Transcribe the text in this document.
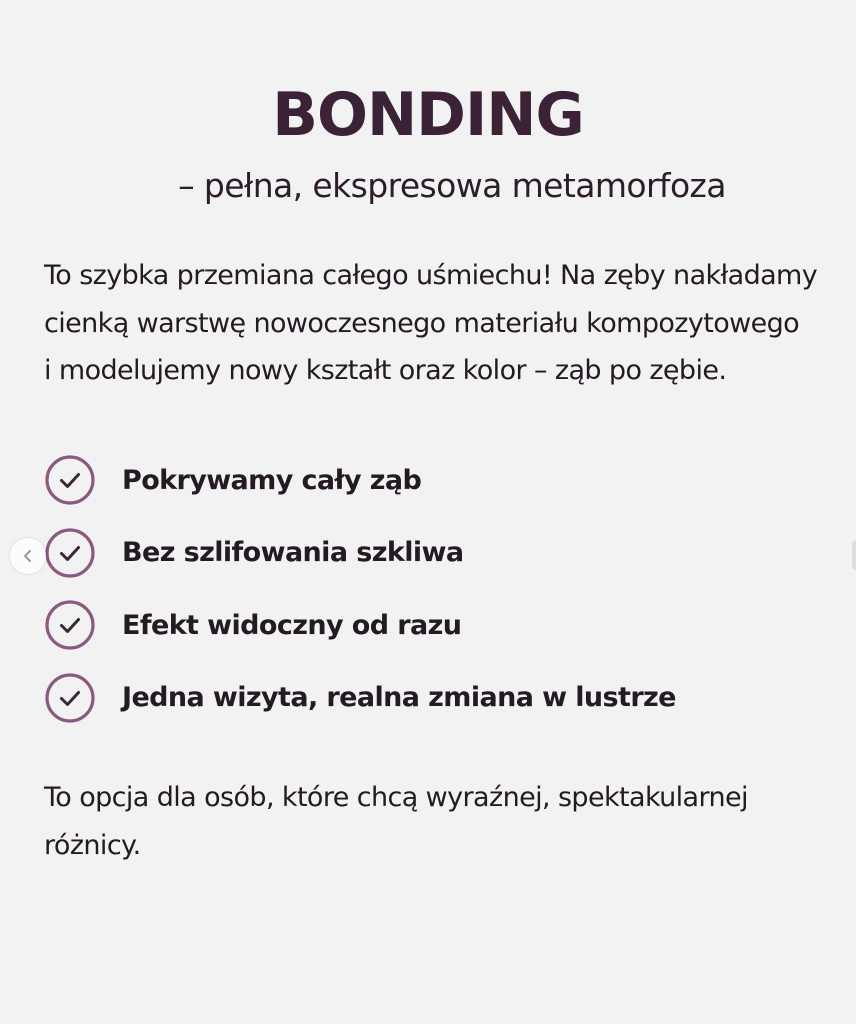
BONDING
– pełna, ekspresowa metamorfoza
To szybka przemiana całego uśmiechu! Na zęby nakładamy
cienką warstwę nowoczesnego materiału kompozytowego
i modelujemy nowy kształt oraz kolor – ząb po zębie.
Pokrywamy cały ząb
Bez szlifowania szkliwa
Efekt widoczny od razu
Jedna wizyta, realna zmiana w lustrze
To opcja dla osób, które chcą wyraźnej, spektakularnej
różnicy.
